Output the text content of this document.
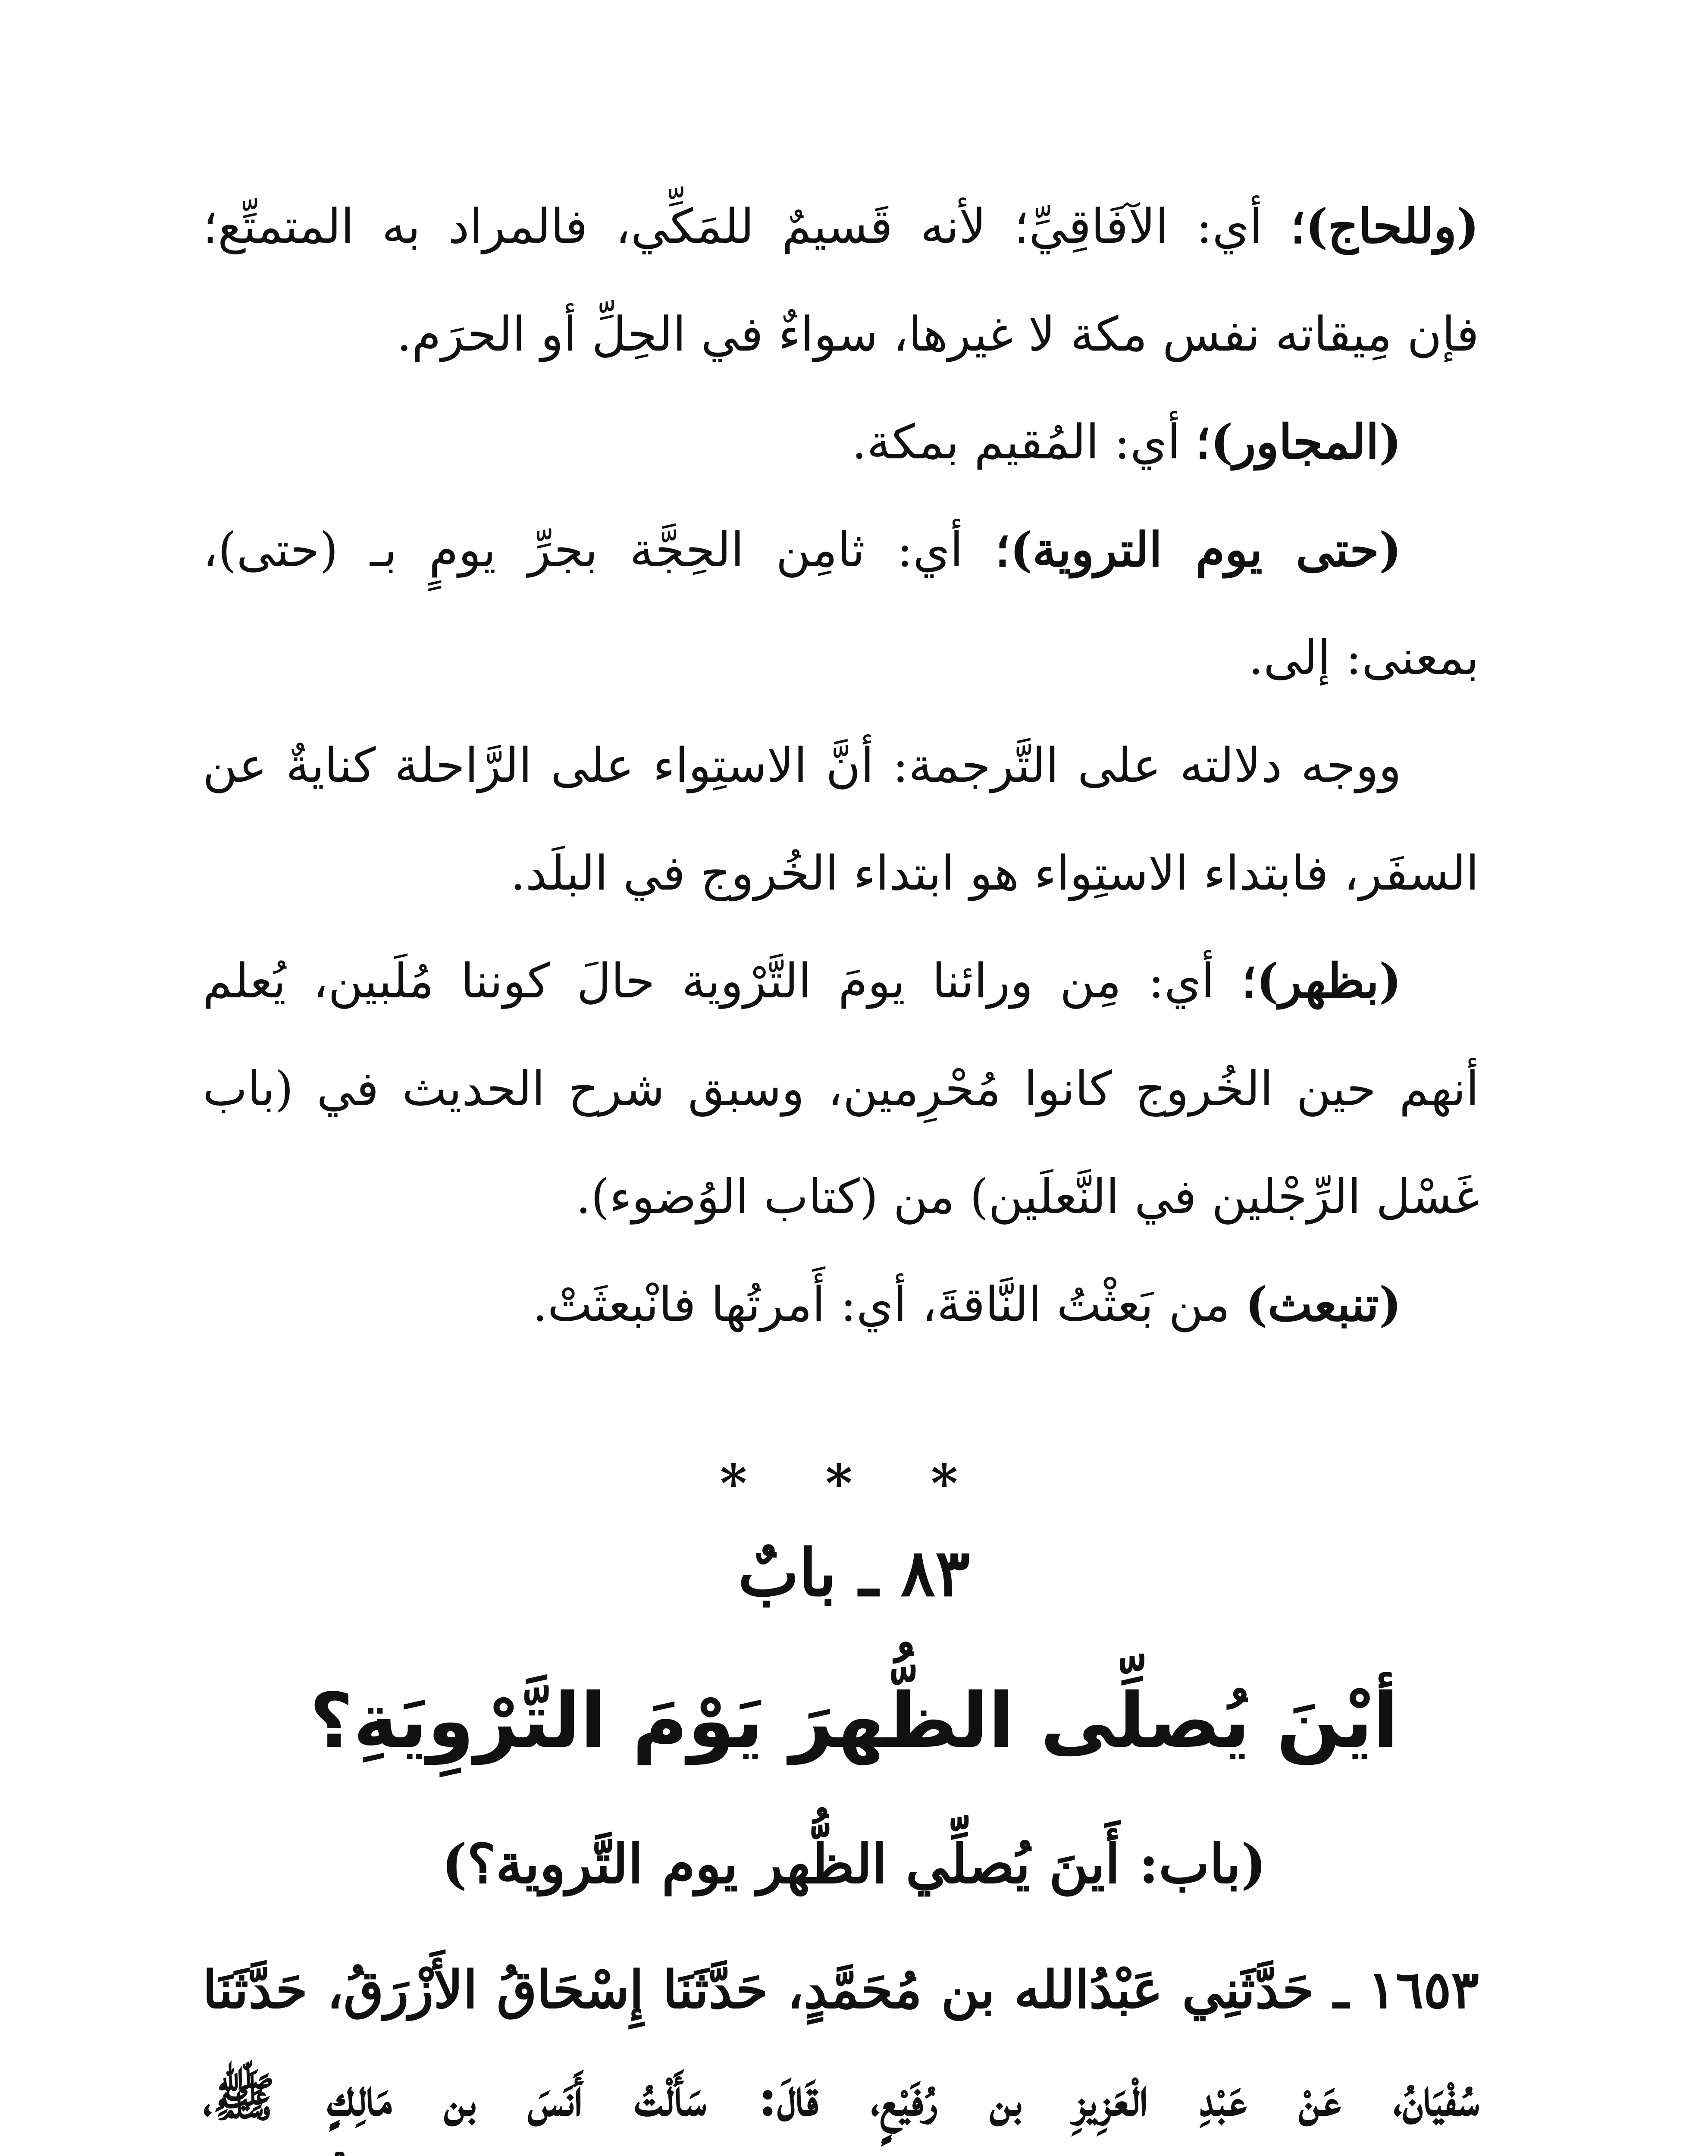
(وللحاج)؛ أي: الآفَاقِيِّ؛ لأنه قَسيمٌ للمَكِّي، فالمراد به المتمتِّع؛
فإن مِيقاته نفس مكة لا غيرها، سواءٌ في الحِلِّ أو الحرَم.
(المجاور)؛ أي: المُقيم بمكة.
(حتى يوم التروية)؛ أي: ثامِن الحِجَّة بجرِّ يومٍ بـ (حتى)،
بمعنى: إلى.
ووجه دلالته على التَّرجمة: أنَّ الاستِواء على الرَّاحلة كنايةٌ عن
السفَر، فابتداء الاستِواء هو ابتداء الخُروج في البلَد.
(بظهر)؛ أي: مِن ورائنا يومَ التَّرْوية حالَ كوننا مُلَبين، يُعلم
أنهم حين الخُروج كانوا مُحْرِمين، وسبق شرح الحديث في (باب
غَسْل الرِّجْلين في النَّعلَين) من (كتاب الوُضوء).
(تنبعث) من بَعثْتُ النَّاقةَ، أي: أَمرتُها فانْبعثَتْ.
* * *
٨٣ ـ بابٌ
أيْنَ يُصلِّى الظُّهرَ يَوْمَ التَّرْوِيَةِ؟
(باب: أَينَ يُصلِّي الظُّهر يوم التَّروية؟)
١٦٥٣ ـ حَدَّثَنِي عَبْدُالله بن مُحَمَّدٍ، حَدَّثَنَا إِسْحَاقُ الأَزْرَقُ، حَدَّثَنَا
سُفْيَانُ، عَنْ عَبْدِ الْعَزِيزِ بن رُفَيْعٍ، قَالَ: سَأَلْتُ أَنَسَ بن مَالِكٍ ﷺ،
